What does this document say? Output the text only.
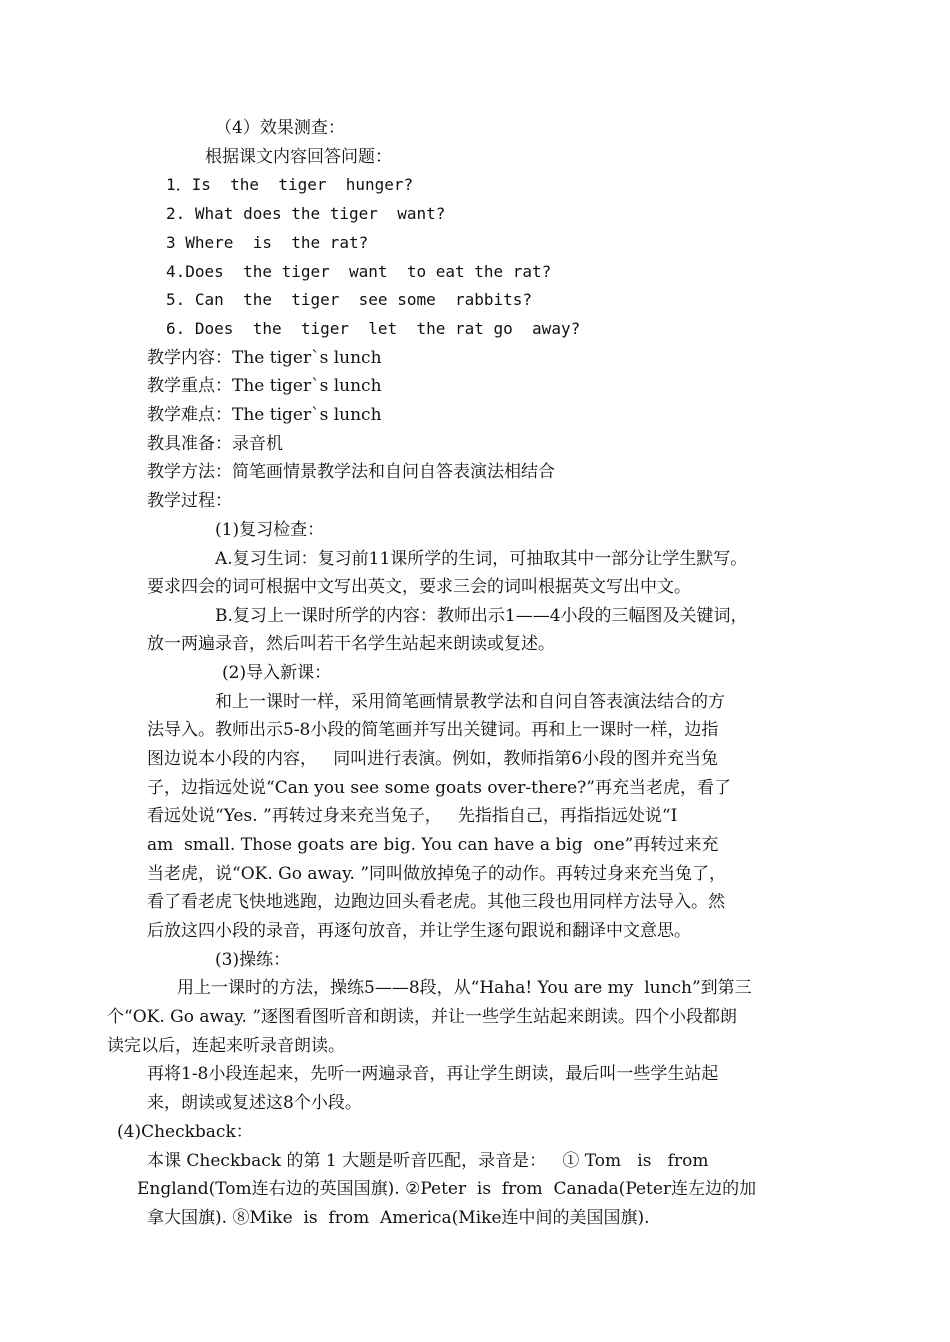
（4）效果测查：
根据课文内容回答问题：
1．Is  the  tiger  hunger?
2. What does the tiger  want?
3 Where  is  the rat?
4.Does  the tiger  want  to eat the rat?
5. Can  the  tiger  see some  rabbits?
6. Does  the  tiger  let  the rat go  away?
教学内容：The tiger`s lunch
教学重点：The tiger`s lunch
教学难点：The tiger`s lunch
教具准备：录音机
教学方法：简笔画情景教学法和自问自答表演法相结合
教学过程：
(1)复习检查：
A.复习生词：复习前11课所学的生词，可抽取其中一部分让学生默写。
要求四会的词可根据中文写出英文，要求三会的词叫根据英文写出中文。
B.复习上一课时所学的内容：教师出示1——4小段的三幅图及关键词，
放一两遍录音，然后叫若干名学生站起来朗读或复述。
(2)导入新课：
和上一课时一样，采用简笔画情景教学法和自问自答表演法结合的方
法导入。教师出示5-8小段的简笔画并写出关键词。再和上一课时一样，边指
图边说本小段的内容，   同叫进行表演。例如，教师指第6小段的图并充当兔
子，边指远处说“Can you see some goats over-there?”再充当老虎，看了
看远处说“Yes. ”再转过身来充当兔子，   先指指自己，再指指远处说“I
am  small. Those goats are big. You can have a big  one”再转过来充
当老虎，说“OK. Go away. ”同叫做放掉兔子的动作。再转过身来充当兔了，
看了看老虎飞快地逃跑，边跑边回头看老虎。其他三段也用同样方法导入。然
后放这四小段的录音，再逐句放音，并让学生逐句跟说和翻译中文意思。
(3)操练：
用上一课时的方法，操练5——8段，从“Haha! You are my  lunch”到第三
个“OK. Go away. ”逐图看图听音和朗读，并让一些学生站起来朗读。四个小段都朗
读完以后，连起来听录音朗读。
再将1-8小段连起来，先听一两遍录音，再让学生朗读，最后叫一些学生站起
来，朗读或复述这8个小段。
(4)Checkback：
本课 Checkback 的第 1 大题是听音匹配，录音是：   ① Tom   is   from
England(Tom连右边的英国国旗). ②Peter  is  from  Canada(Peter连左边的加
拿大国旗). ⑧Mike  is  from  America(Mike连中间的美国国旗).
